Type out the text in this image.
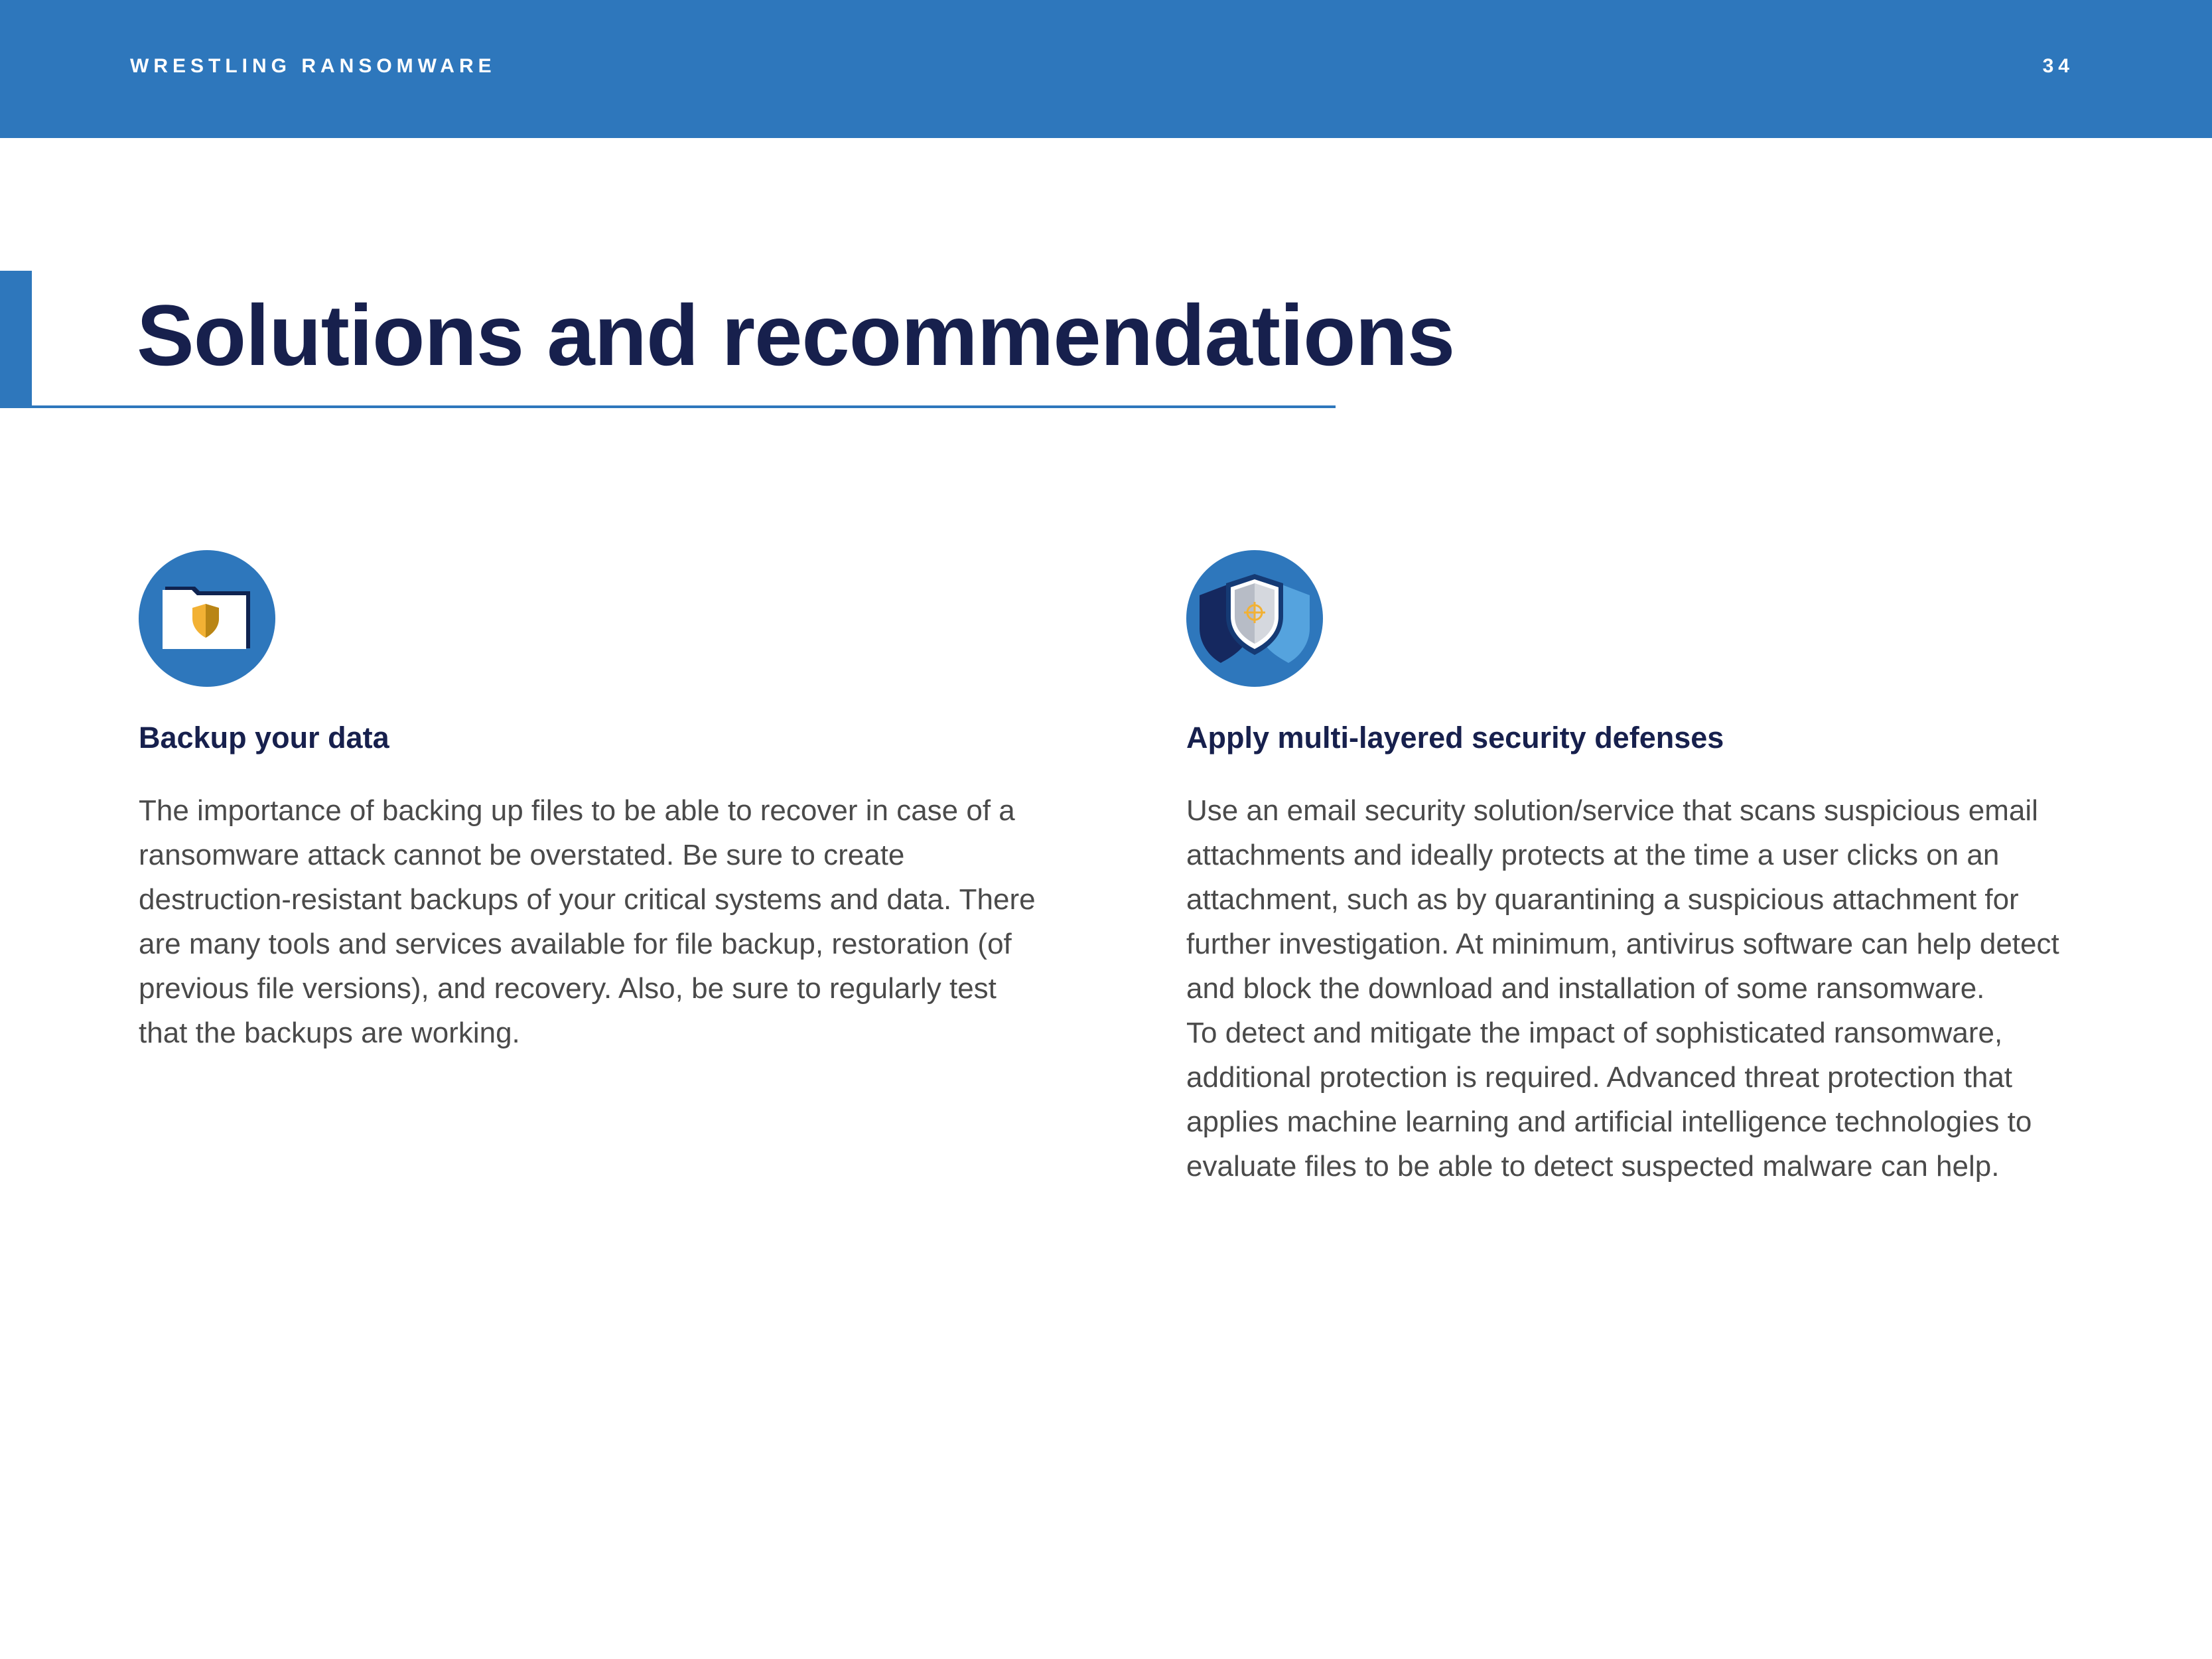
WRESTLING RANSOMWARE	34
Solutions and recommendations
Backup your data

The importance of backing up files to be able to recover in case of a ransomware attack cannot be overstated. Be sure to create destruction-resistant backups of your critical systems and data. There are many tools and services available for file backup, restoration (of previous file versions), and recovery. Also, be sure to regularly test that the backups are working.

Apply multi-layered security defenses

Use an email security solution/service that scans suspicious email attachments and ideally protects at the time a user clicks on an attachment, such as by quarantining a suspicious attachment for further investigation. At minimum, antivirus software can help detect and block the download and installation of some ransomware.

To detect and mitigate the impact of sophisticated ransomware, additional protection is required. Advanced threat protection that applies machine learning and artificial intelligence technologies to evaluate files to be able to detect suspected malware can help.
